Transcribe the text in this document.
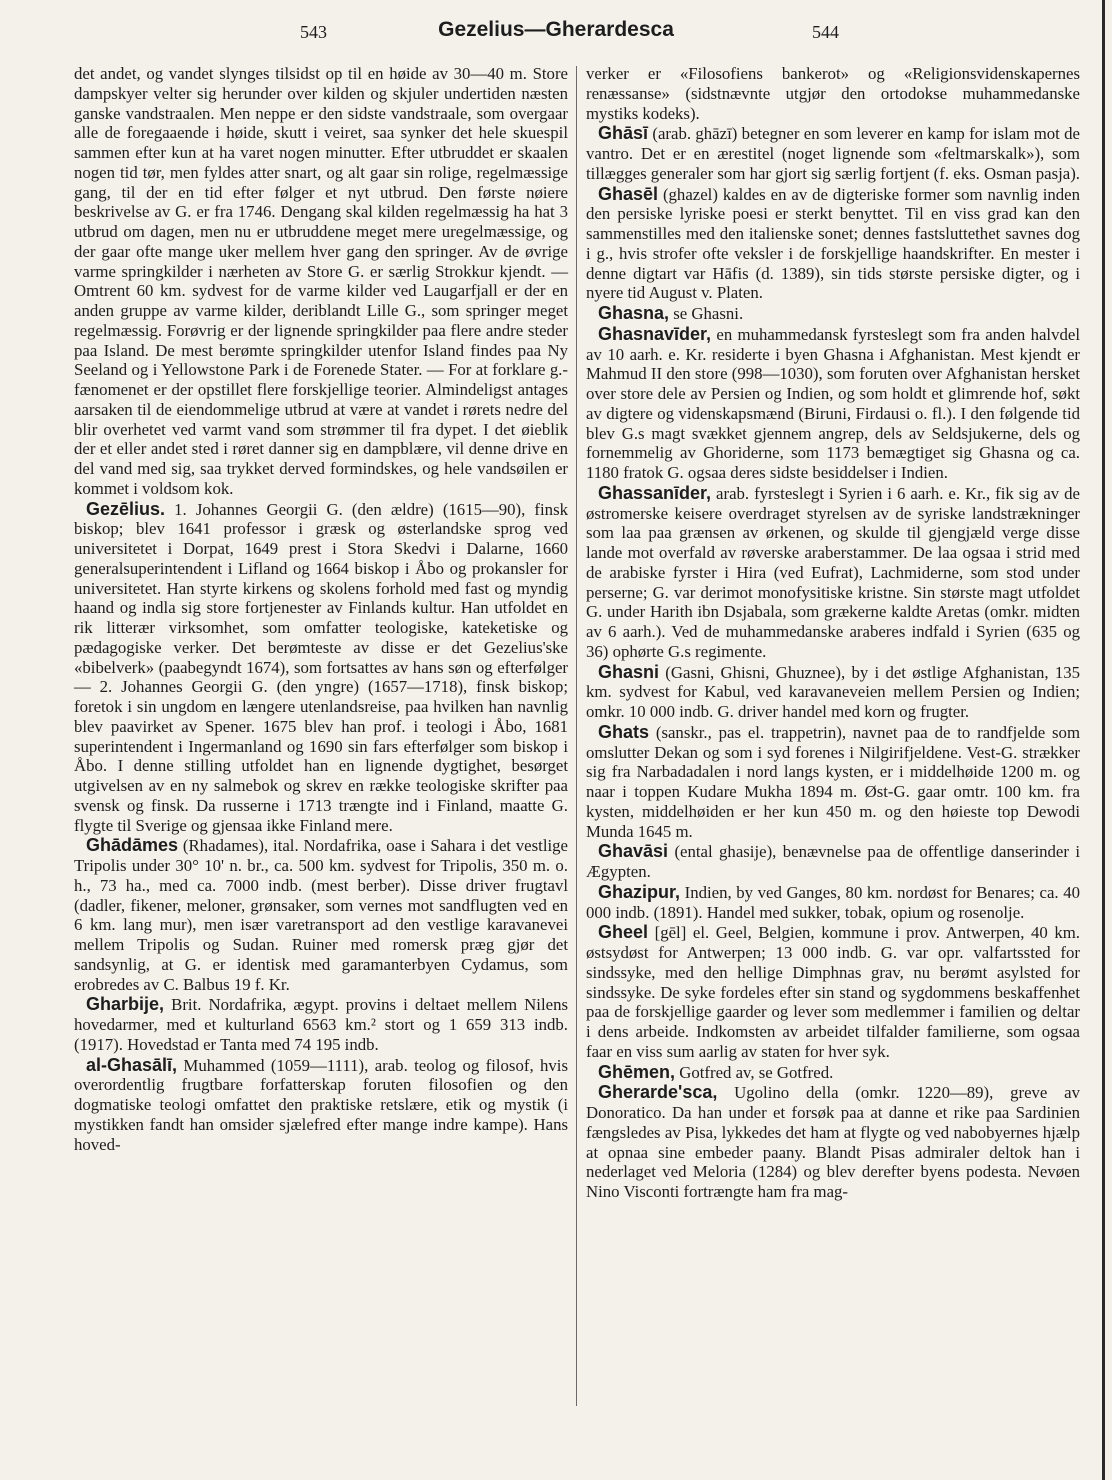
543	Gezelius—Gherardesca	544

det andet, og vandet slynges tilsidst op til en høide av 30—40 m. Store dampskyer velter sig herunder over kilden og skjuler undertiden næsten ganske vandstraalen. Men neppe er den sidste vandstraale, som overgaar alle de foregaaende i høide, skutt i veiret, saa synker det hele skuespil sammen efter kun at ha varet nogen minutter. Efter utbruddet er skaalen nogen tid tør, men fyldes atter snart, og alt gaar sin rolige, regelmæssige gang, til der en tid efter følger et nyt utbrud. Den første nøiere beskrivelse av G. er fra 1746. Dengang skal kilden regelmæssig ha hat 3 utbrud om dagen, men nu er utbruddene meget mere uregelmæssige, og der gaar ofte mange uker mellem hver gang den springer. Av de øvrige varme springkilder i nærheten av Store G. er særlig Strokkur kjendt. — Omtrent 60 km. sydvest for de varme kilder ved Laugarfjall er der en anden gruppe av varme kilder, deriblandt Lille G., som springer meget regelmæssig. Forøvrig er der lignende springkilder paa flere andre steder paa Island. De mest berømte springkilder utenfor Island findes paa Ny Seeland og i Yellowstone Park i de Forenede Stater. — For at forklare g.-fænomenet er der opstillet flere forskjellige teorier. Almindeligst antages aarsaken til de eiendommelige utbrud at være at vandet i rørets nedre del blir overhetet ved varmt vand som strømmer til fra dypet. I det øieblik der et eller andet sted i røret danner sig en dampblære, vil denne drive en del vand med sig, saa trykket derved formindskes, og hele vandsøilen er kommet i voldsom kok.

Gezēlius. 1. Johannes Georgii G. (den ældre) (1615—90), finsk biskop; blev 1641 professor i græsk og østerlandske sprog ved universitetet i Dorpat, 1649 prest i Stora Skedvi i Dalarne, 1660 generalsuperintendent i Lifland og 1664 biskop i Åbo og prokansler for universitetet. Han styrte kirkens og skolens forhold med fast og myndig haand og indla sig store fortjenester av Finlands kultur. Han utfoldet en rik litterær virksomhet, som omfatter teologiske, kateketiske og pædagogiske verker. Det berømteste av disse er det Gezelius'ske «bibelverk» (paabegyndt 1674), som fortsattes av hans søn og efterfølger — 2. Johannes Georgii G. (den yngre) (1657—1718), finsk biskop; foretok i sin ungdom en længere utenlandsreise, paa hvilken han navnlig blev paavirket av Spener. 1675 blev han prof. i teologi i Åbo, 1681 superintendent i Ingermanland og 1690 sin fars efterfølger som biskop i Åbo. I denne stilling utfoldet han en lignende dygtighet, besørget utgivelsen av en ny salmebok og skrev en række teologiske skrifter paa svensk og finsk. Da russerne i 1713 trængte ind i Finland, maatte G. flygte til Sverige og gjensaa ikke Finland mere.

Ghādāmes (Rhadames), ital. Nordafrika, oase i Sahara i det vestlige Tripolis under 30° 10' n. br., ca. 500 km. sydvest for Tripolis, 350 m. o. h., 73 ha., med ca. 7000 indb. (mest berber). Disse driver frugtavl (dadler, fikener, meloner, grønsaker, som vernes mot sandflugten ved en 6 km. lang mur), men især varetransport ad den vestlige karavanevei mellem Tripolis og Sudan. Ruiner med romersk præg gjør det sandsynlig, at G. er identisk med garamanterbyen Cydamus, som erobredes av C. Balbus 19 f. Kr.

Gharbije, Brit. Nordafrika, ægypt. provins i deltaet mellem Nilens hovedarmer, med et kulturland 6563 km.² stort og 1 659 313 indb. (1917). Hovedstad er Tanta med 74 195 indb.

al-Ghasālī, Muhammed (1059—1111), arab. teolog og filosof, hvis overordentlig frugtbare forfatterskap foruten filosofien og den dogmatiske teologi omfattet den praktiske retslære, etik og mystik (i mystikken fandt han omsider sjælefred efter mange indre kampe). Hans hoved-

verker er «Filosofiens bankerot» og «Religionsvidenskapernes renæssanse» (sidstnævnte utgjør den ortodokse muhammedanske mystiks kodeks).

Ghāsī (arab. ghāzī) betegner en som leverer en kamp for islam mot de vantro. Det er en ærestitel (noget lignende som «feltmarskalk»), som tillægges generaler som har gjort sig særlig fortjent (f. eks. Osman pasja).

Ghasēl (ghazel) kaldes en av de digteriske former som navnlig inden den persiske lyriske poesi er sterkt benyttet. Til en viss grad kan den sammenstilles med den italienske sonet; dennes fastsluttethet savnes dog i g., hvis strofer ofte veksler i de forskjellige haandskrifter. En mester i denne digtart var Hāfis (d. 1389), sin tids største persiske digter, og i nyere tid August v. Platen.

Ghasna, se Ghasni.

Ghasnavīder, en muhammedansk fyrsteslegt som fra anden halvdel av 10 aarh. e. Kr. residerte i byen Ghasna i Afghanistan. Mest kjendt er Mahmud II den store (998—1030), som foruten over Afghanistan hersket over store dele av Persien og Indien, og som holdt et glimrende hof, søkt av digtere og videnskapsmænd (Biruni, Firdausi o. fl.). I den følgende tid blev G.s magt svækket gjennem angrep, dels av Seldsjukerne, dels og fornemmelig av Ghoriderne, som 1173 bemægtiget sig Ghasna og ca. 1180 fratok G. ogsaa deres sidste besiddelser i Indien.

Ghassanīder, arab. fyrsteslegt i Syrien i 6 aarh. e. Kr., fik sig av de østromerske keisere overdraget styrelsen av de syriske landstrækninger som laa paa grænsen av ørkenen, og skulde til gjengjæld verge disse lande mot overfald av røverske araberstammer. De laa ogsaa i strid med de arabiske fyrster i Hira (ved Eufrat), Lachmiderne, som stod under perserne; G. var derimot monofysitiske kristne. Sin største magt utfoldet G. under Harith ibn Dsjabala, som grækerne kaldte Aretas (omkr. midten av 6 aarh.). Ved de muhammedanske araberes indfald i Syrien (635 og 36) ophørte G.s regimente.

Ghasni (Gasni, Ghisni, Ghuznee), by i det østlige Afghanistan, 135 km. sydvest for Kabul, ved karavaneveien mellem Persien og Indien; omkr. 10 000 indb. G. driver handel med korn og frugter.

Ghats (sanskr., pas el. trappetrin), navnet paa de to randfjelde som omslutter Dekan og som i syd forenes i Nilgirifjeldene. Vest-G. strækker sig fra Narbadadalen i nord langs kysten, er i middelhøide 1200 m. og naar i toppen Kudare Mukha 1894 m. Øst-G. gaar omtr. 100 km. fra kysten, middelhøiden er her kun 450 m. og den høieste top Dewodi Munda 1645 m.

Ghavāsi (ental ghasije), benævnelse paa de offentlige danserinder i Ægypten.

Ghazipur, Indien, by ved Ganges, 80 km. nordøst for Benares; ca. 40 000 indb. (1891). Handel med sukker, tobak, opium og rosenolje.

Gheel [gēl] el. Geel, Belgien, kommune i prov. Antwerpen, 40 km. østsydøst for Antwerpen; 13 000 indb. G. var opr. valfartssted for sindssyke, med den hellige Dimphnas grav, nu berømt asylsted for sindssyke. De syke fordeles efter sin stand og sygdommens beskaffenhet paa de forskjellige gaarder og lever som medlemmer i familien og deltar i dens arbeide. Indkomsten av arbeidet tilfalder familierne, som ogsaa faar en viss sum aarlig av staten for hver syk.

Ghēmen, Gotfred av, se Gotfred.

Gherarde'sca, Ugolino della (omkr. 1220—89), greve av Donoratico. Da han under et forsøk paa at danne et rike paa Sardinien fængsledes av Pisa, lykkedes det ham at flygte og ved nabobyernes hjælp at opnaa sine embeder paany. Blandt Pisas admiraler deltok han i nederlaget ved Meloria (1284) og blev derefter byens podesta. Nevøen Nino Visconti fortrængte ham fra mag-
